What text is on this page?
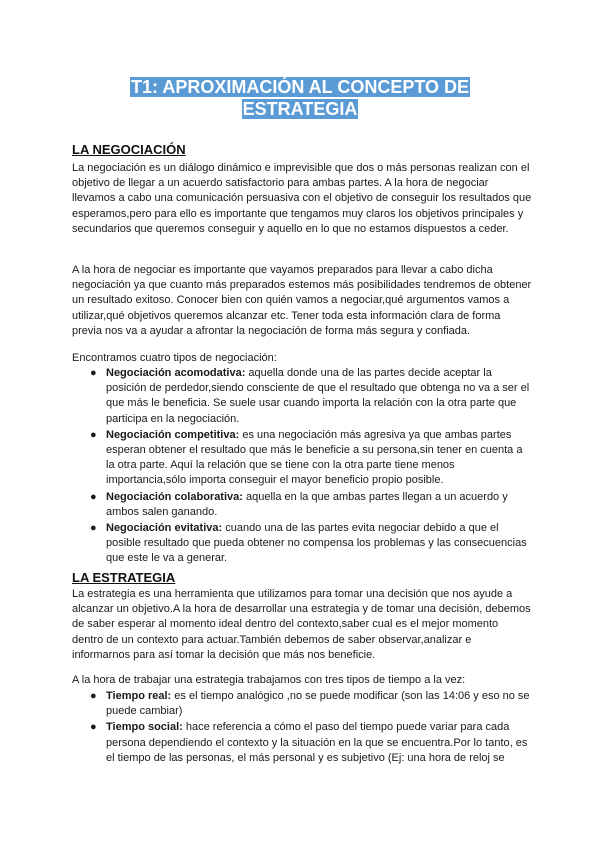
T1: APROXIMACIÓN AL CONCEPTO DE
ESTRATEGIA
LA NEGOCIACIÓN

La negociación es un diálogo dinámico e imprevisible que dos o más personas realizan con el objetivo de llegar a un acuerdo satisfactorio para ambas partes. A la hora de negociar llevamos a cabo una comunicación persuasiva con el objetivo de conseguir los resultados que esperamos,pero para ello es importante que tengamos muy claros los objetivos principales y secundarios que queremos conseguir y aquello en lo que no estamos dispuestos a ceder.

A la hora de negociar es importante que vayamos preparados para llevar a cabo dicha negociación ya que cuanto más preparados estemos más posibilidades tendremos de obtener un resultado exitoso. Conocer bien con quién vamos a negociar,qué argumentos vamos a utilizar,qué objetivos queremos alcanzar etc. Tener toda esta información clara de forma previa nos va a ayudar a afrontar la negociación de forma más segura y confiada.

Encontramos cuatro tipos de negociación:

● Negociación acomodativa: aquella donde una de las partes decide aceptar la posición de perdedor,siendo consciente de que el resultado que obtenga no va a ser el que más le beneficia. Se suele usar cuando importa la relación con la otra parte que participa en la negociación.
● Negociación competitiva: es una negociación más agresiva ya que ambas partes esperan obtener el resultado que más le beneficie a su persona,sin tener en cuenta a la otra parte. Aquí la relación que se tiene con la otra parte tiene menos importancia,sólo importa conseguir el mayor beneficio propio posible.
● Negociación colaborativa: aquella en la que ambas partes llegan a un acuerdo y ambos salen ganando.
● Negociación evitativa: cuando una de las partes evita negociar debido a que el posible resultado que pueda obtener no compensa los problemas y las consecuencias que este le va a generar.
LA ESTRATEGIA

La estrategia es una herramienta que utilizamos para tomar una decisión que nos ayude a alcanzar un objetivo.A la hora de desarrollar una estrategia y de tomar una decisión, debemos de saber esperar al momento ideal dentro del contexto,saber cual es el mejor momento dentro de un contexto para actuar.También debemos de saber observar,analizar e informarnos para así tomar la decisión que más nos beneficie.

A la hora de trabajar una estrategia trabajamos con tres tipos de tiempo a la vez:

● Tiempo real: es el tiempo analógico ,no se puede modificar (son las 14:06 y eso no se puede cambiar)
● Tiempo social: hace referencia a cómo el paso del tiempo puede variar para cada persona dependiendo el contexto y la situación en la que se encuentra.Por lo tanto, es el tiempo de las personas, el más personal y es subjetivo (Ej: una hora de reloj se
